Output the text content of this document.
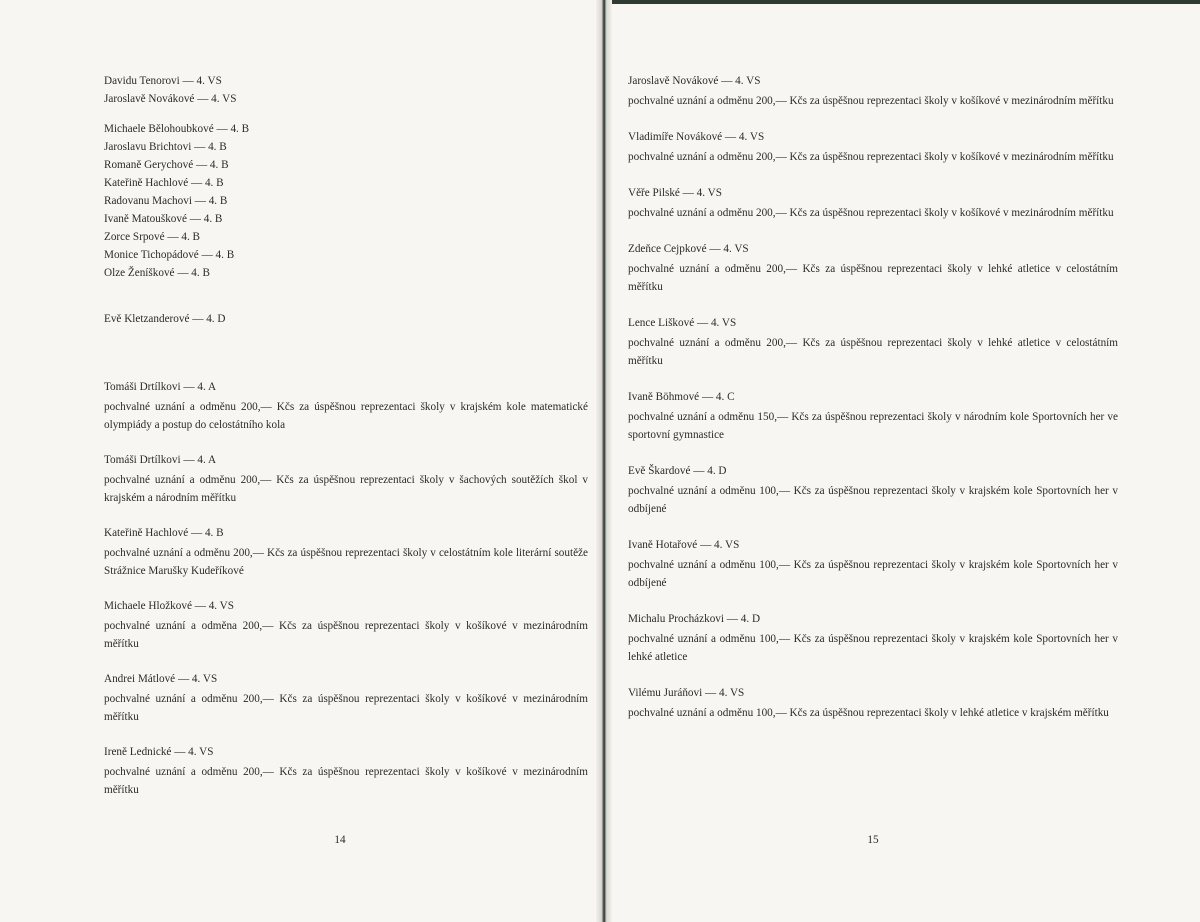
Davidu Tenorovi — 4. VS
Jaroslavě Novákové — 4. VS
Michaele Bělohoubkové — 4. B
Jaroslavu Brichtovi — 4. B
Romaně Gerychové — 4. B
Kateřině Hachlové — 4. B
Radovanu Machovi — 4. B
Ivaně Matouškové — 4. B
Zorce Srpové — 4. B
Monice Tichopádové — 4. B
Olze Ženíškové — 4. B
Evě Kletzanderové — 4. D
Tomáši Drtílkovi — 4. A
pochvalné uznání a odměnu 200,— Kčs za úspěšnou reprezentaci školy v krajském kole matematické olympiády a postup do celostátního kola
Tomáši Drtílkovi — 4. A
pochvalné uznání a odměnu 200,— Kčs za úspěšnou reprezentaci školy v šachových soutěžích škol v krajském a národním měřítku
Kateřině Hachlové — 4. B
pochvalné uznání a odměnu 200,— Kčs za úspěšnou reprezentaci školy v celostátním kole literární soutěže Strážnice Marušky Kudeříkové
Michaele Hložkové — 4. VS
pochvalné uznání a odměna 200,— Kčs za úspěšnou reprezentaci školy v košíkové v mezinárodním měřítku
Andrei Mátlové — 4. VS
pochvalné uznání a odměnu 200,— Kčs za úspěšnou reprezentaci školy v košíkové v mezinárodním měřítku
Ireně Lednické — 4. VS
pochvalné uznání a odměnu 200,— Kčs za úspěšnou reprezentaci školy v košíkové v mezinárodním měřítku
14
Jaroslavě Novákové — 4. VS
pochvalné uznání a odměnu 200,— Kčs za úspěšnou reprezentaci školy v košíkové v mezinárodním měřítku
Vladimíře Novákové — 4. VS
pochvalné uznání a odměnu 200,— Kčs za úspěšnou reprezentaci školy v košíkové v mezinárodním měřítku
Věře Pilské — 4. VS
pochvalné uznání a odměnu 200,— Kčs za úspěšnou reprezentaci školy v košíkové v mezinárodním měřítku
Zdeňce Cejpkové — 4. VS
pochvalné uznání a odměnu 200,— Kčs za úspěšnou reprezentaci školy v lehké atletice v celostátním měřítku
Lence Liškové — 4. VS
pochvalné uznání a odměnu 200,— Kčs za úspěšnou reprezentaci školy v lehké atletice v celostátním měřítku
Ivaně Böhmové — 4. C
pochvalné uznání a odměnu 150,— Kčs za úspěšnou reprezentaci školy v národním kole Sportovních her ve sportovní gymnastice
Evě Škardové — 4. D
pochvalné uznání a odměnu 100,— Kčs za úspěšnou reprezentaci školy v krajském kole Sportovních her v odbíjené
Ivaně Hotařové — 4. VS
pochvalné uznání a odměnu 100,— Kčs za úspěšnou reprezentaci školy v krajském kole Sportovních her v odbíjené
Michalu Procházkovi — 4. D
pochvalné uznání a odměnu 100,— Kčs za úspěšnou reprezentaci školy v krajském kole Sportovních her v lehké atletice
Vilému Juráňovi — 4. VS
pochvalné uznání a odměnu 100,— Kčs za úspěšnou reprezentaci školy v lehké atletice v krajském měřítku
15
